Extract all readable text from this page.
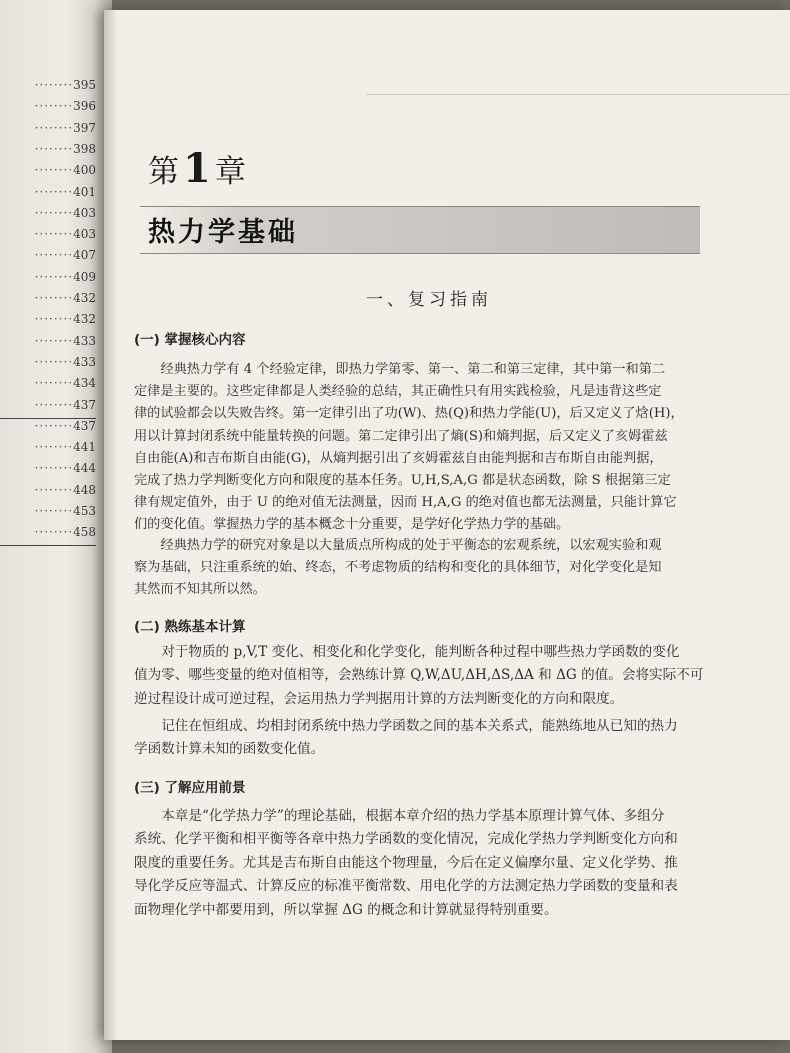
········395
········396
········397
········398
········400
········401
········403
········403
········407
········409
········432
········432
········433
········433
········434
········437
········437
········441
········444
········448
········453
········458
第 1 章
热力学基础
一、复习指南
(一) 掌握核心内容
经典热力学有 4 个经验定律，即热力学第零、第一、第二和第三定律，其中第一和第二
定律是主要的。这些定律都是人类经验的总结，其正确性只有用实践检验，凡是违背这些定
律的试验都会以失败告终。第一定律引出了功(W)、热(Q)和热力学能(U)，后又定义了焓(H)，
用以计算封闭系统中能量转换的问题。第二定律引出了熵(S)和熵判据，后又定义了亥姆霍兹
自由能(A)和吉布斯自由能(G)，从熵判据引出了亥姆霍兹自由能判据和吉布斯自由能判据，
完成了热力学判断变化方向和限度的基本任务。U,H,S,A,G 都是状态函数，除 S 根据第三定
律有规定值外，由于 U 的绝对值无法测量，因而 H,A,G 的绝对值也都无法测量，只能计算它
们的变化值。掌握热力学的基本概念十分重要，是学好化学热力学的基础。
经典热力学的研究对象是以大量质点所构成的处于平衡态的宏观系统，以宏观实验和观
察为基础，只注重系统的始、终态，不考虑物质的结构和变化的具体细节，对化学变化是知
其然而不知其所以然。
(二) 熟练基本计算
对于物质的 p,V,T 变化、相变化和化学变化，能判断各种过程中哪些热力学函数的变化
值为零、哪些变量的绝对值相等，会熟练计算 Q,W,ΔU,ΔH,ΔS,ΔA 和 ΔG 的值。会将实际不可
逆过程设计成可逆过程，会运用热力学判据用计算的方法判断变化的方向和限度。
记住在恒组成、均相封闭系统中热力学函数之间的基本关系式，能熟练地从已知的热力
学函数计算未知的函数变化值。
(三) 了解应用前景
本章是“化学热力学”的理论基础，根据本章介绍的热力学基本原理计算气体、多组分
系统、化学平衡和相平衡等各章中热力学函数的变化情况，完成化学热力学判断变化方向和
限度的重要任务。尤其是吉布斯自由能这个物理量，今后在定义偏摩尔量、定义化学势、推
导化学反应等温式、计算反应的标准平衡常数、用电化学的方法测定热力学函数的变量和表
面物理化学中都要用到，所以掌握 ΔG 的概念和计算就显得特别重要。
